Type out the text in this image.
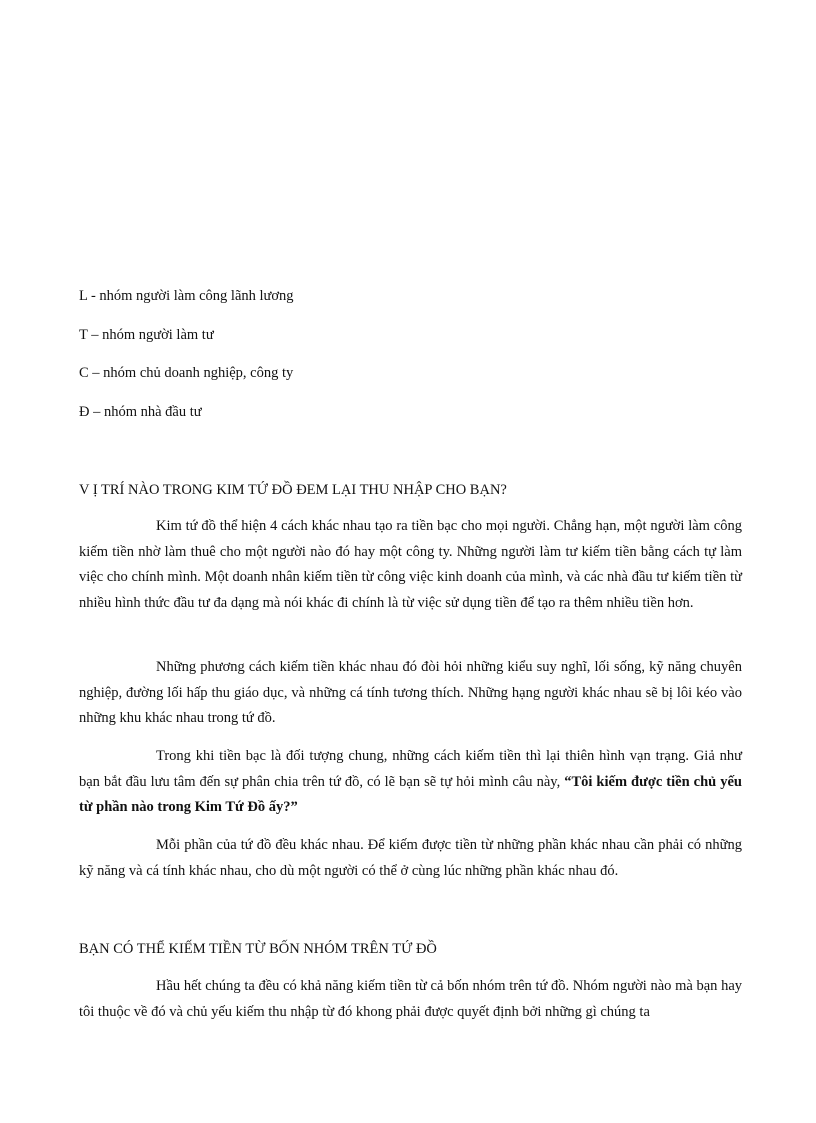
L - nhóm người làm công lãnh lương
T – nhóm người làm tư
C – nhóm chủ doanh nghiệp, công ty
Đ – nhóm nhà đầu tư
V Ị TRÍ NÀO TRONG KIM TỨ ĐỒ ĐEM LẠI THU NHẬP CHO BẠN?

Kim tứ đồ thể hiện 4 cách khác nhau tạo ra tiền bạc cho mọi người. Chẳng hạn, một người làm công kiếm tiền nhờ làm thuê cho một người nào đó hay một công ty. Những người làm tư kiếm tiền bằng cách tự làm việc cho chính mình. Một doanh nhân kiếm tiền từ công việc kinh doanh của mình, và các nhà đầu tư kiếm tiền từ nhiều hình thức đầu tư đa dạng mà nói khác đi chính là từ việc sử dụng tiền để tạo ra thêm nhiều tiền hơn.

Những phương cách kiếm tiền khác nhau đó đòi hỏi những kiểu suy nghĩ, lối sống, kỹ năng chuyên nghiệp, đường lối hấp thu giáo dục, và những cá tính tương thích. Những hạng người khác nhau sẽ bị lôi kéo vào những khu khác nhau trong tứ đồ.

Trong khi tiền bạc là đối tượng chung, những cách kiếm tiền thì lại thiên hình vạn trạng. Giả như bạn bắt đầu lưu tâm đến sự phân chia trên tứ đồ, có lẽ bạn sẽ tự hỏi mình câu này, “Tôi kiếm được tiền chủ yếu từ phần nào trong Kim Tứ Đồ ấy?”

Mỗi phần của tứ đồ đều khác nhau. Để kiếm được tiền từ những phần khác nhau cần phải có những kỹ năng và cá tính khác nhau, cho dù một người có thể ở cùng lúc những phần khác nhau đó.

BẠN CÓ THỂ KIẾM TIỀN TỪ BỐN NHÓM TRÊN TỨ ĐỒ

Hầu hết chúng ta đều có khả năng kiếm tiền từ cả bốn nhóm trên tứ đồ. Nhóm người nào mà bạn hay tôi thuộc về đó và chủ yếu kiếm thu nhập từ đó khong phải được quyết định bởi những gì chúng ta
